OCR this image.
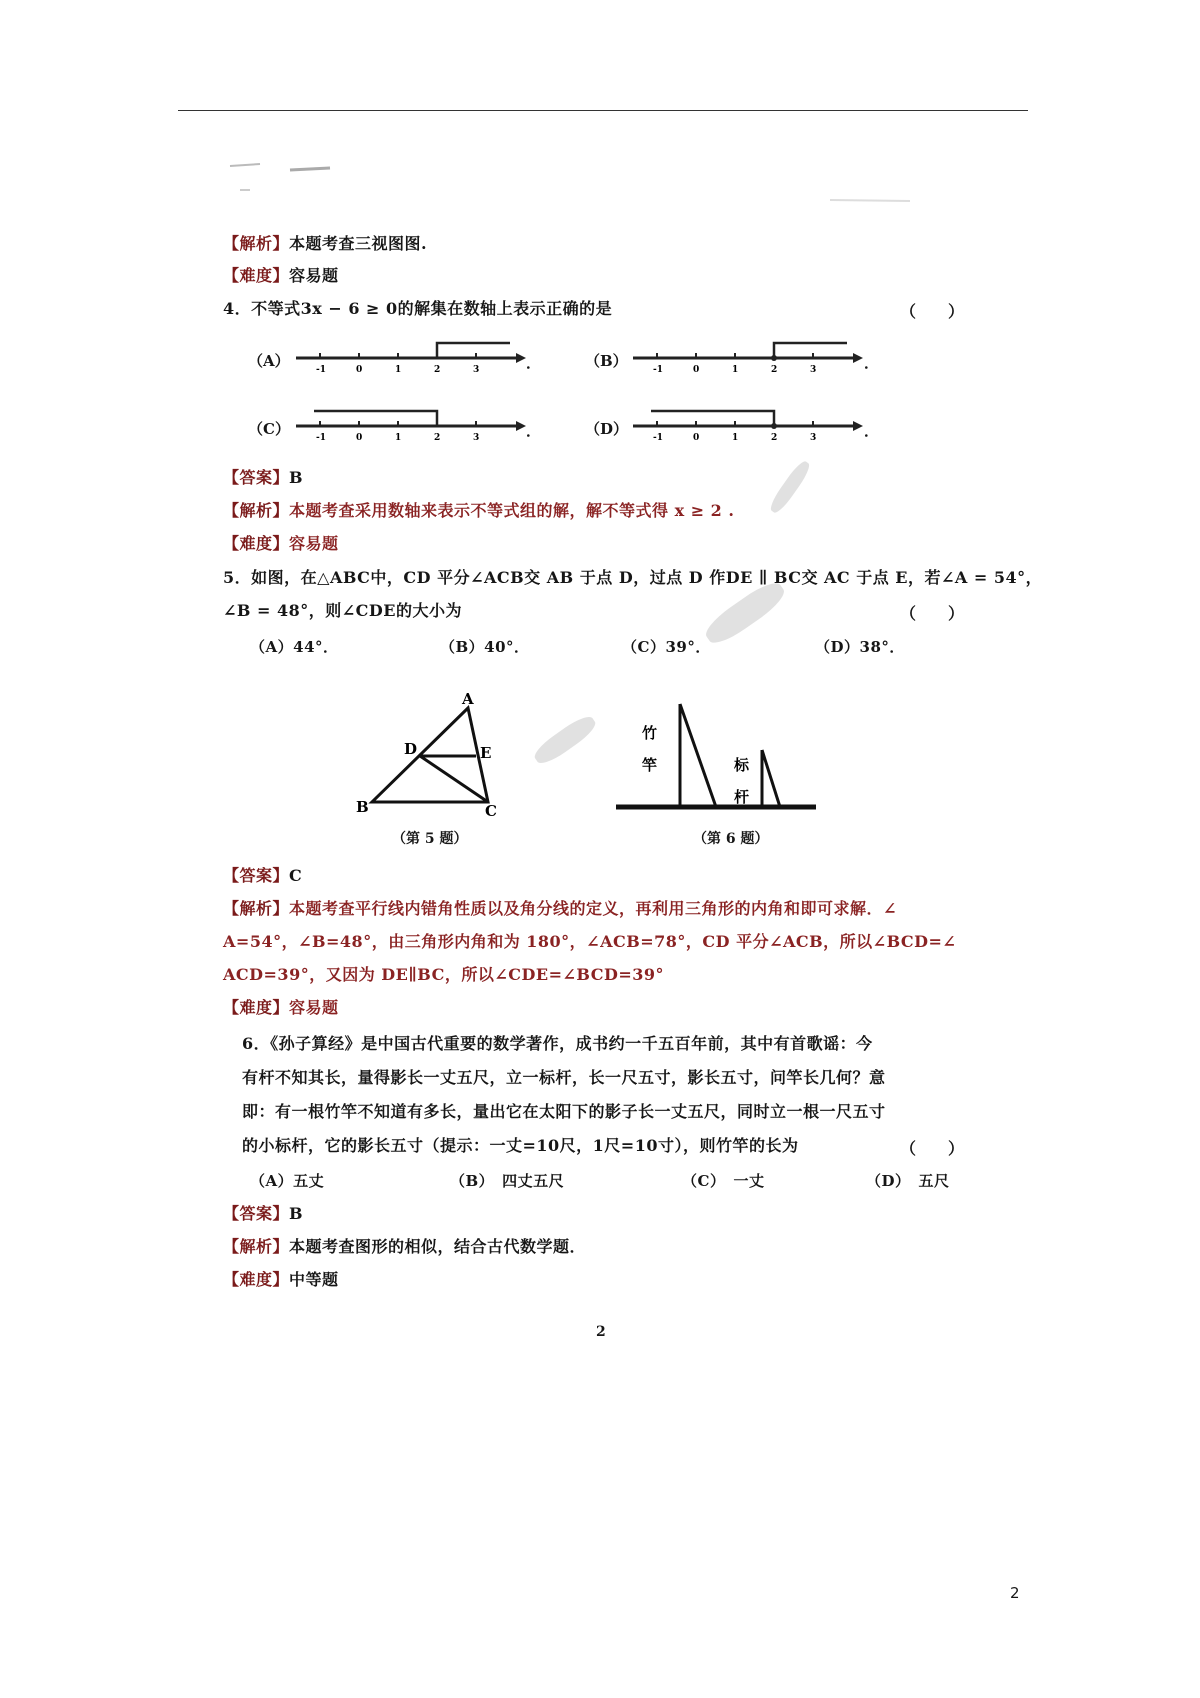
【解析】本题考查三视图图.
【难度】容易题
4．不等式3x − 6 ≥ 0的解集在数轴上表示正确的是	（　　）
（A）	-1	0	1	2	3	．	（B）	-1	0	1	2	3	．
（C）	-1	0	1	2	3	．	（D）	-1	0	1	2	3	．
【答案】B
【解析】本题考查采用数轴来表示不等式组的解，解不等式得 x ≥ 2 .
【难度】容易题
5．如图，在△ABC中，CD 平分∠ACB交 AB 于点 D，过点 D 作DE ∥ BC交 AC 于点 E，若∠A = 54°，
∠B = 48°，则∠CDE的大小为	（　　）
（A）44°．	（B）40°．	（C）39°．	（D）38°．
A
B	C
D	E
（第 5 题）
竹
竿	标
杆
（第 6 题）
【答案】C
【解析】本题考查平行线内错角性质以及角分线的定义，再利用三角形的内角和即可求解．∠
A=54°，∠B=48°，由三角形内角和为 180°，∠ACB=78°，CD 平分∠ACB，所以∠BCD=∠
ACD=39°，又因为 DE∥BC，所以∠CDE=∠BCD=39°
【难度】容易题
6．《孙子算经》是中国古代重要的数学著作，成书约一千五百年前，其中有首歌谣：今
有杆不知其长，量得影长一丈五尺，立一标杆，长一尺五寸，影长五寸，问竿长几何？意
即：有一根竹竿不知道有多长，量出它在太阳下的影子长一丈五尺，同时立一根一尺五寸
的小标杆，它的影长五寸（提示：一丈=10尺，1尺=10寸），则竹竿的长为	（　　）
（A）五丈	（B）　四丈五尺	（C）　一丈	（D）　五尺
【答案】B
【解析】本题考查图形的相似，结合古代数学题．
【难度】中等题
2
2
